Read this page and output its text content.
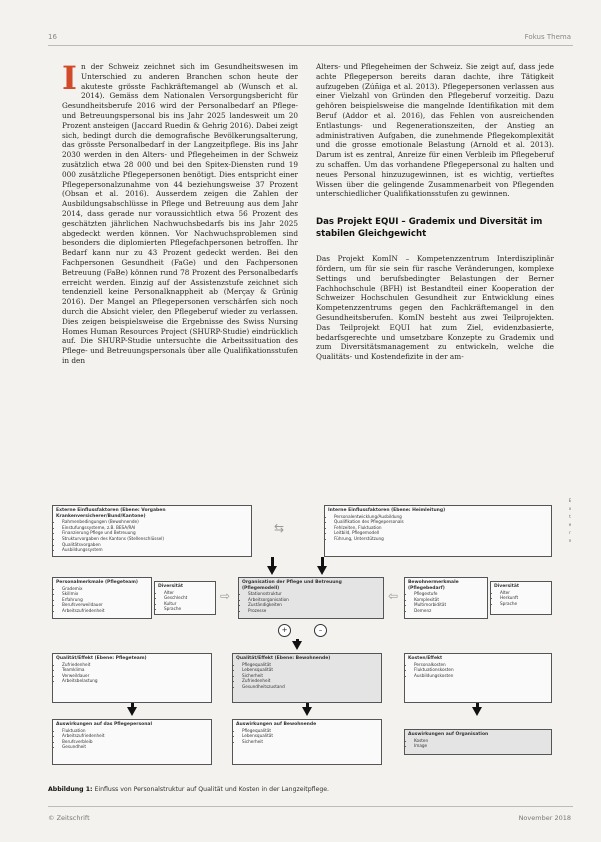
16	Fokus Thema

In der Schweiz zeichnet sich im Gesundheitswesen im Unterschied zu anderen Branchen schon heute der akuteste grösste Fachkräftemangel ab (Wunsch et al. 2014). Gemäss dem Nationalen Versorgungsbericht für Gesundheitsberufe 2016 wird der Personalbedarf an Pflege- und Betreuungspersonal bis ins Jahr 2025 landesweit um 20 Prozent ansteigen (Jaccard Ruedin & Gehrig 2016). Dabei zeigt sich, bedingt durch die demografische Bevölkerungsalterung, das grösste Personalbedarf in der Langzeitpflege. Bis ins Jahr 2030 werden in den Alters- und Pflegeheimen in der Schweiz zusätzlich etwa 28 000 und bei den Spitex-Diensten rund 19 000 zusätzliche Pflegepersonen benötigt. Dies entspricht einer Pflegepersonalzunahme von 44 beziehungsweise 37 Prozent (Obsan et al. 2016). Ausserdem zeigen die Zahlen der Ausbildungsabschlüsse in Pflege und Betreuung aus dem Jahr 2014, dass gerade nur voraussichtlich etwa 56 Prozent des geschätzten jährlichen Nachwuchsbedarfs bis ins Jahr 2025 abgedeckt werden können. Vor Nachwuchsproblemen sind besonders die diplomierten Pflegefachpersonen betroffen. Ihr Bedarf kann nur zu 43 Prozent gedeckt werden. Bei den Fachpersonen Gesundheit (FaGe) und den Fachpersonen Betreuung (FaBe) können rund 78 Prozent des Personalbedarfs erreicht werden. Einzig auf der Assistenzstufe zeichnet sich tendenziell keine Personalknappheit ab (Merçay & Grünig 2016). Der Mangel an Pflegepersonen verschärfen sich noch durch die Absicht vieler, den Pflegeberuf wieder zu verlassen. Dies zeigen beispielsweise die Ergebnisse des Swiss Nursing Homes Human Resources Project (SHURP-Studie) eindrücklich auf. Die SHURP-Studie untersuchte die Arbeitssituation des Pflege- und Betreuungspersonals über alle Qualifikationsstufen in den

Alters- und Pflegeheimen der Schweiz. Sie zeigt auf, dass jede achte Pflegeperson bereits daran dachte, ihre Tätigkeit aufzugeben (Zúñiga et al. 2013). Pflegepersonen verlassen aus einer Vielzahl von Gründen den Pflegeberuf vorzeitig. Dazu gehören beispielsweise die mangelnde Identifikation mit dem Beruf (Addor et al. 2016), das Fehlen von ausreichenden Entlastungs- und Regenerationszeiten, der Anstieg an administrativen Aufgaben, die zunehmende Pflegekomplexität und die grosse emotionale Belastung (Arnold et al. 2013). Darum ist es zentral, Anreize für einen Verbleib im Pflegeberuf zu schaffen. Um das vorhandene Pflegepersonal zu halten und neues Personal hinzuzugewinnen, ist es wichtig, vertieftes Wissen über die gelingende Zusammenarbeit von Pflegenden unterschiedlicher Qualifikationsstufen zu gewinnen.

Das Projekt EQUI – Grademix und Diversität im stabilen Gleichgewicht

Das Projekt KomIN – Kompetenzzentrum Interdisziplinär fördern, um für sie sein für rasche Veränderungen, komplexe Settings und berufsbedingter Belastungen der Berner Fachhochschule (BFH) ist Bestandteil einer Kooperation der Schweizer Hochschulen Gesundheit zur Entwicklung eines Kompetenzzentrums gegen den Fachkräftemangel in den Gesundheitsberufen. KomIN besteht aus zwei Teilprojekten. Das Teilprojekt EQUI hat zum Ziel, evidenzbasierte, bedarfsgerechte und umsetzbare Konzepte zu Grademix und zum Diversitätsmanagement zu entwickeln, welche die Qualitäts- und Kostendefizite in der am-

Externe Einflussfaktoren (Ebene: Vorgaben Krankenversicherer/Bund/Kantone)
• Rahmenbedingungen (Bewohnende)
• Einstufungssysteme, z.B. BESA/RAI
• Finanzierung Pflege und Betreuung
• Strukturvorgaben des Kantons (Stellenschlüssel)
• Qualitätsvorgaben
• Ausbildungssystem
⇆
Interne Einflussfaktoren (Ebene: Heimleitung)
• Personalentwicklung/Ausbildung
• Qualifikation des Pflegepersonals
• Fehlzeiten, Fluktuation
• Leitbild, Pflegemodell
• Führung, Unterstützung
Personalmerkmale (Pflegeteam)
• Grademix
• Skillmix
• Erfahrung
• Berufsverweildauer
• Arbeitszufriedenheit
Diversität
• Alter
• Geschlecht
• Kultur
• Sprache
⇨
Organisation der Pflege und Betreuung (Pflegemodell)
• Stationsstruktur
• Arbeitsorganisation
• Zuständigkeiten
• Prozesse
⇦
Bewohnermerkmale (Pflegebedarf)
• Pflegestufe
• Komplexität
• Multimorbidität
• Demenz
Diversität
• Alter
• Herkunft
• Sprache
+	–
Qualität/Effekt (Ebene: Pflegeteam)
• Zufriedenheit
• Teamklima
• Verweildauer
• Arbeitsbelastung
Qualität/Effekt (Ebene: Bewohnende)
• Pflegequalität
• Lebensqualität
• Sicherheit
• Zufriedenheit
• Gesundheitszustand
Kosten/Effekt
• Personalkosten
• Fluktuationskosten
• Ausbildungskosten
Auswirkungen auf das Pflegepersonal
• Fluktuation
• Arbeitszufriedenheit
• Berufsverbleib
• Gesundheit
Auswirkungen auf Bewohnende
• Pflegequalität
• Lebensqualität
• Sicherheit
Auswirkungen auf Organisation
• Kosten
• Image
E
x
t
e
r
n
Abbildung 1: Einfluss von Personalstruktur auf Qualität und Kosten in der Langzeitpflege.
© Zeitschrift	November 2018
